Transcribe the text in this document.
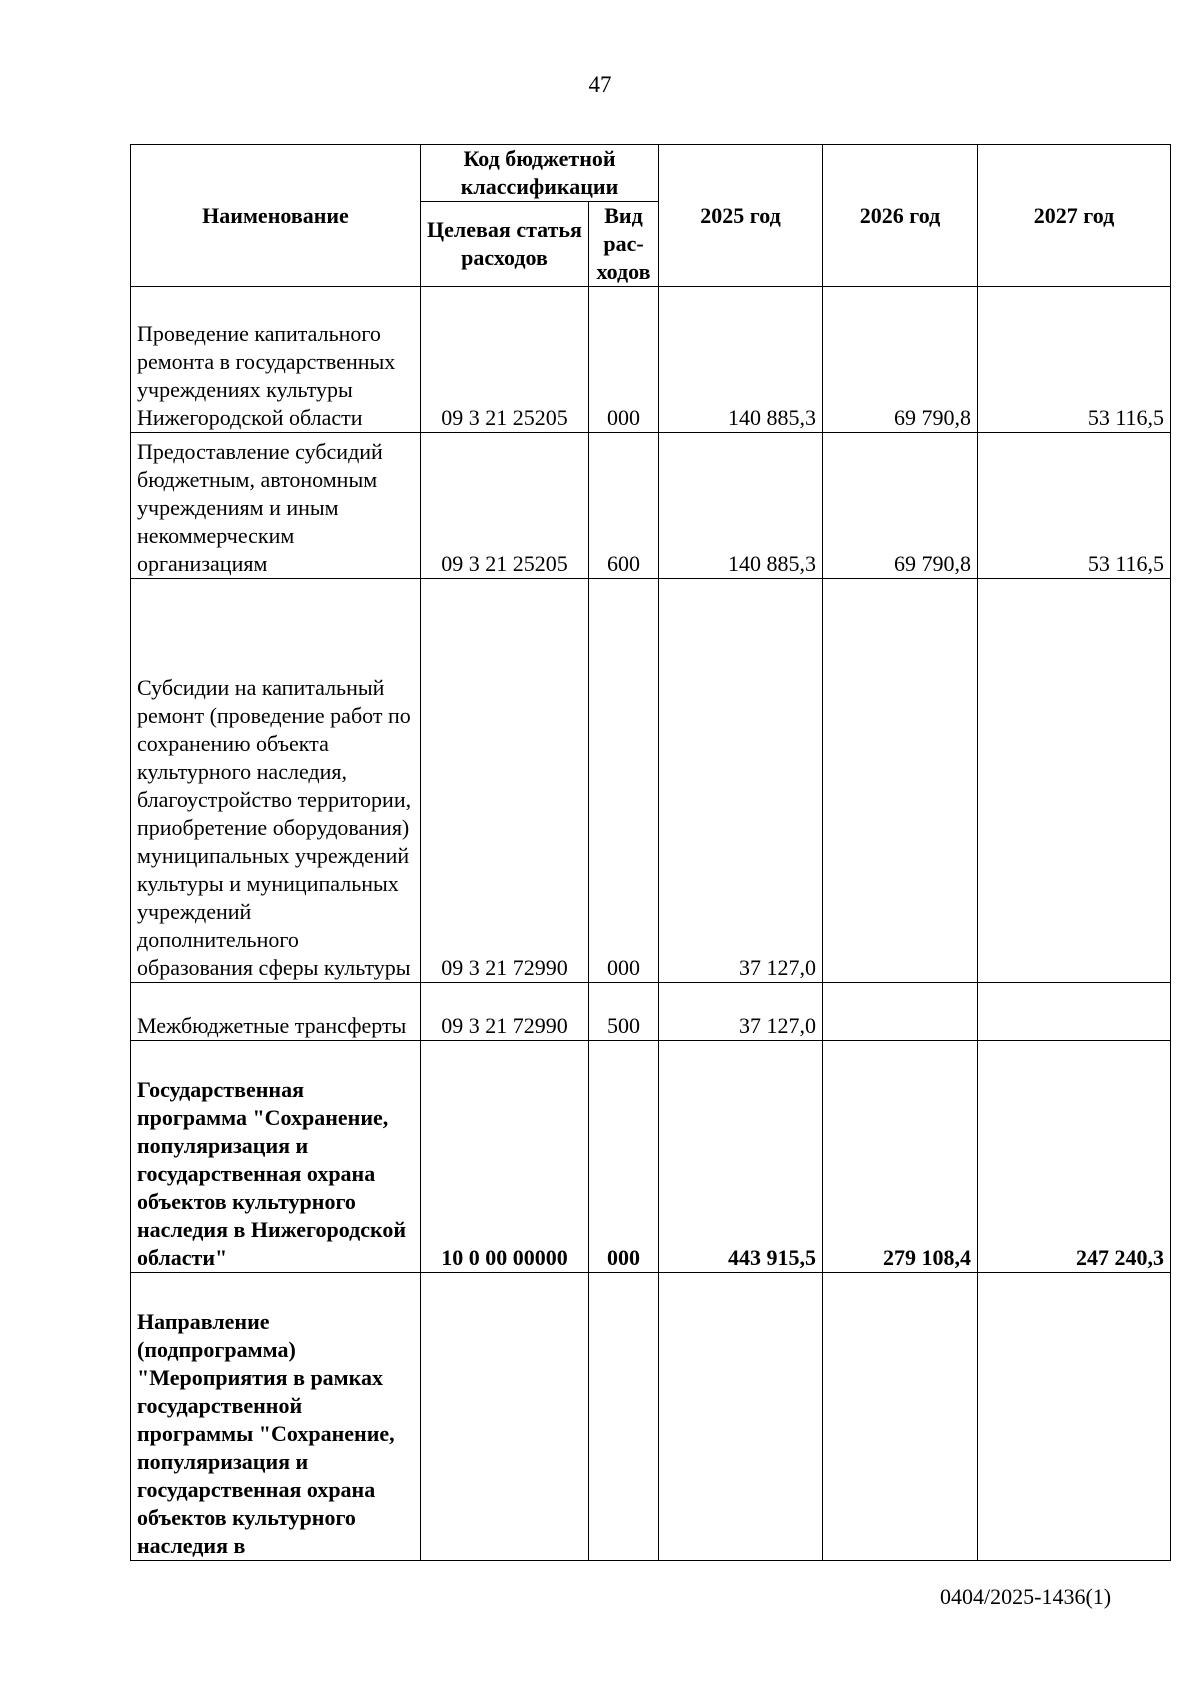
47
Наименование	Код бюджетной классификации		2025 год	2026 год	2027 год
	Целевая статья расходов	Вид рас- ходов			
Проведение капитального ремонта в государственных учреждениях культуры Нижегородской области	09 3 21 25205	000	140 885,3	69 790,8	53 116,5
Предоставление субсидий бюджетным, автономным учреждениям и иным некоммерческим организациям	09 3 21 25205	600	140 885,3	69 790,8	53 116,5
Субсидии на капитальный ремонт (проведение работ по сохранению объекта культурного наследия, благоустройство территории, приобретение оборудования) муниципальных учреждений культуры и муниципальных учреждений дополнительного образования сферы культуры	09 3 21 72990	000	37 127,0		
Межбюджетные трансферты	09 3 21 72990	500	37 127,0		
Государственная программа "Сохранение, популяризация и государственная охрана объектов культурного наследия в Нижегородской области"	10 0 00 00000	000	443 915,5	279 108,4	247 240,3
Направление (подпрограмма) "Мероприятия в рамках государственной программы "Сохранение, популяризация и государственная охрана объектов культурного наследия в					
0404/2025-1436(1)
